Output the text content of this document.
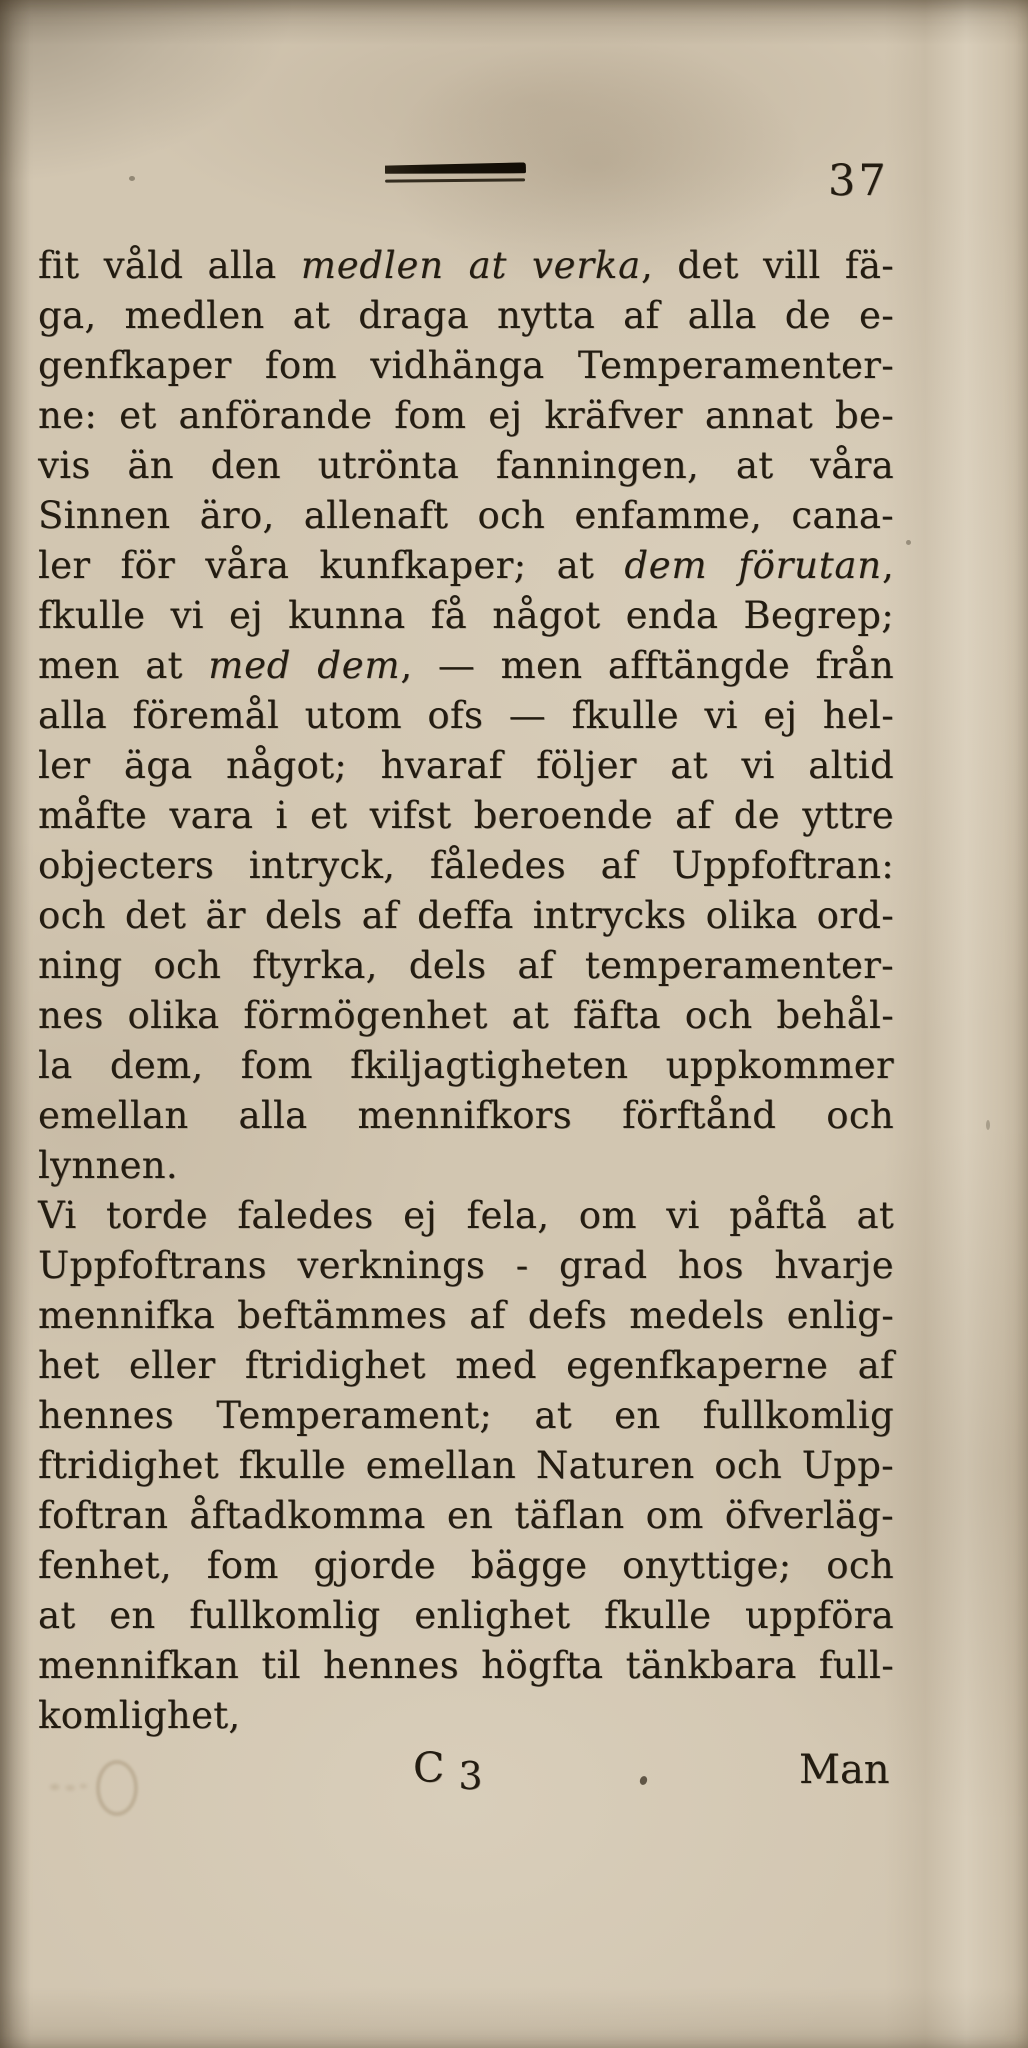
37
fit våld alla medlen at verka, det vill fä-
ga, medlen at draga nytta af alla de e-
genfkaper fom vidhänga Temperamenter-
ne: et anförande fom ej kräfver annat be-
vis än den utrönta fanningen, at våra
Sinnen äro, allenaft och enfamme, cana-
ler för våra kunfkaper; at dem förutan,
fkulle vi ej kunna få något enda Begrep;
men at med dem, — men afftängde från
alla föremål utom ofs — fkulle vi ej hel-
ler äga något; hvaraf följer at vi altid
måfte vara i et vifst beroende af de yttre
objecters intryck, fåledes af Uppfoftran:
och det är dels af deffa intrycks olika ord-
ning och ftyrka, dels af temperamenter-
nes olika förmögenhet at fäfta och behål-
la dem, fom fkiljagtigheten uppkommer
emellan alla mennifkors förftånd och lynnen.
Vi torde faledes ej fela, om vi påftå at
Uppfoftrans verknings - grad hos hvarje
mennifka beftämmes af defs medels enlig-
het eller ftridighet med egenfkaperne af
hennes Temperament; at en fullkomlig
ftridighet fkulle emellan Naturen och Upp-
foftran åftadkomma en täflan om öfverläg-
fenhet, fom gjorde bägge onyttige; och
at en fullkomlig enlighet fkulle uppföra
mennifkan til hennes högfta tänkbara full-
komlighet,
C 3	Man
